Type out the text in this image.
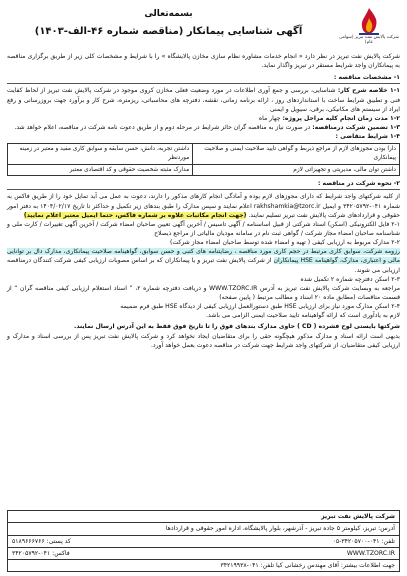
شرکت پالایش نفت تبریز (سهامی عام)
بسمه‌تعالی
آگهی شناسایی پیمانکار (مناقصه شماره ۴۶-الف-۱۴۰۳)

شرکت پالایش نفت تبریز در نظر دارد « انجام خدمات مشاوره نظام سازی مخازن پالایشگاه » را با شرایط و مشخصات کلی زیر از طریق برگزاری مناقصه به پیمانکاران واجد شرایط مستقر در تبریز واگذار نماید.

۱- مشخصات مناقصه :

۱-۱ خلاصه شرح کار: شناسایی، بررسی و جمع آوری اطلاعات در مورد وضعیت فعلی مخازن کروی موجود در شرکت پالایش نفت تبریز از لحاظ کفایت فنی و تطبیق شرایط ساخت با استانداردهای روز ، ارائه برنامه زمانی، نقشه، دفترچه های محاسباتی، ریزمتره، شرح کار و برآورد جهت بروزرسانی و رفع ایراد از سیستم های مکانیکی، برقی، سیویل و ایمنی

۱-۲ مدت زمان انجام کلیه مراحل پروژه: چهار ماه

۱-۳ تضمین شرکت درمناقصه: در صورت نیاز به مناقصه گران حائز شرایط در مرحله دوم و از طریق دعوت نامه شرکت در مناقصه، اعلام خواهد شد.

۱-۴ شرایط متقاضی :

دارا بودن مجوزهای لازم از مراجع ذیربط و گواهی تایید صلاحیت ایمنی و صلاحیت پیمانکاری	داشتن تجربه، دانش، حسن سابقه و سوابق کاری مفید و معتبر در زمینه موردنظر
داشتن توان مالی، مدیریتی و تجهیزاتی لازم	مدارک مثبته شخصیت حقوقی و کد اقتصادی معتبر
۲- نحوه شرکت در مناقصه :

از کلیه شرکتهای واجد شرایط که دارای مجوزهای لازم بوده و آمادگی انجام کارهای مذکور را دارند، دعوت به عمل می آید تمایل خود را از طریق فاکس به شماره ۰۴۱-۳۴۲۰۵۷۹۲ و ایمیل rakhshamkia@tzorc.ir اعلام نمایند و سپس مدارک را طبق بندهای زیر تکمیل و حداکثر تا تاریخ ۱۴۰۴/۰۲/۱۷ به دفتر امور حقوقی و قراردادهای شرکت پالایش نفت تبریز تسلیم نمایند. (جهت انجام مکاتبات علاوه بر شماره فاکس، حتما ایمیل معتبر اعلام نمایید)

۲-۱ فایل الکترونیکی (اسکن) اسناد شرکتی از قبیل اساسنامه / آگهی تاسیس / آخرین آگهی تعیین صاحبان امضاء شرکت / آخرین آگهی تغییرات / کارت ملی و شناسنامه صاحبان امضاء مجاز شرکت / گواهی ثبت نام در سامانه مودیان مالیاتی از مراجع ذیصلاح

۲-۲ مدارک مربوط به ارزیابی کیفی ( تهیه و امضاء شده توسط صاحبان امضاء مجاز شرکت)

رزومه شرکت، سوابق کاری مرتبط در حجم کاری مورد مناقصه ، رضایتنامه های کتبی و حسن سوابق، گواهینامه صلاحیت پیمانکاری، مدارک دال بر توانایی مالی و اعتباری، مدارک، گواهینامه HSE پیمانکاران از شرکت پالایش نفت تبریز و یا پیمانکاران که بر اساس مصوبات ارزیابی کیفی شرکت کنندگان درمناقصه ارزیابی می شوند.

۲-۳ اسکن دفترچه شماره ۲ تکمیل شده

مراجعه به وبسایت شرکت پالایش نفت تبریز به آدرس WWW.TZORC.IR و دریافت دفترچه شماره ۲، ” اسناد استعلام ارزیابی کیفی مناقصه گران “ از قسمت مناقصات (مطابق ماده ۲۰ اسناد و مطالب مرتبط ( پایین صفحه)

۲-۴ اسکن مدارک مورد نیاز برای ارزیابی HSE طبق دستورالعمل ارزیابی کیفی از دیدگاه HSE طبق فرم ضمیمه

لازم به یادآوری است که ارائه گواهینامه تایید صلاحیت ایمنی الزامی می باشد.

شرکتها بایستی لوح فشرده ( CD ) حاوی مدارک بندهای فوق را تا تاریخ فوق فقط به این آدرس ارسال نمایند.

بدیهی است ارائه اسناد و مدارک مذکور هیچگونه حقی را برای متقاضیان ایجاد نخواهد کرد و شرکت پالایش نفت تبریز پس از بررسی اسناد و مدارک و ارزیابی کیفی متقاضیان، از شرکتهای واجد شرایط جهت شرکت در مناقصه دعوت بعمل خواهد آورد.

شرکت پالایش نفت تبریز
آدرس: تبریز، کیلومتر ۵ جاده تبریز - آذرشهر، بلوار پالایشگاه، اداره امور حقوقی و قراردادها
تلفن: ۰۴۱-۳۴۲۰۵۷۰۰-۰۵
کد پستی: ۵۱۸۹۶۶۶۷۶۶
WWW.TZORC.IR
فاکس: ۰۴۱-۳۴۲۰۵۷۹۲
جهت اطلاعات بیشتر: آقای مهندس رخشانی کیا تلفن: ۰۴۱-۳۴۲۱۹۹۳۸
